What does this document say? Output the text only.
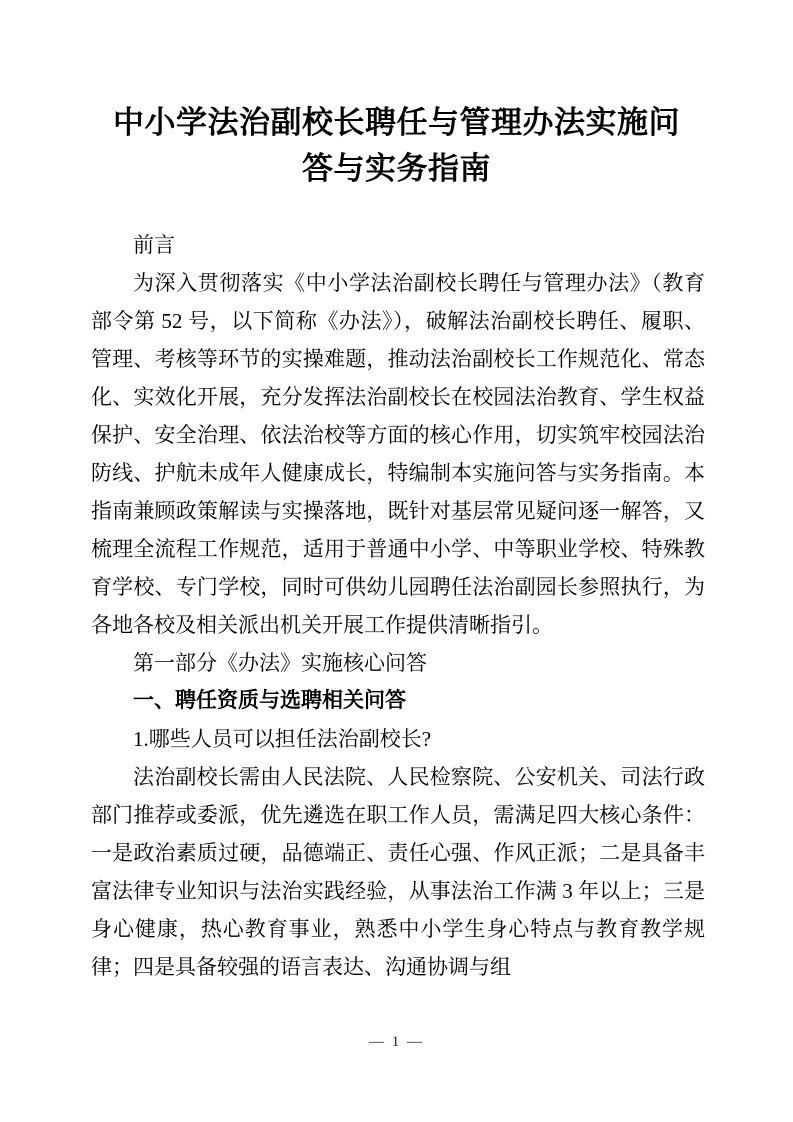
中小学法治副校长聘任与管理办法实施问答与实务指南

前言

为深入贯彻落实《中小学法治副校长聘任与管理办法》（教育部令第 52 号，以下简称《办法》），破解法治副校长聘任、履职、管理、考核等环节的实操难题，推动法治副校长工作规范化、常态化、实效化开展，充分发挥法治副校长在校园法治教育、学生权益保护、安全治理、依法治校等方面的核心作用，切实筑牢校园法治防线、护航未成年人健康成长，特编制本实施问答与实务指南。本指南兼顾政策解读与实操落地，既针对基层常见疑问逐一解答，又梳理全流程工作规范，适用于普通中小学、中等职业学校、特殊教育学校、专门学校，同时可供幼儿园聘任法治副园长参照执行，为各地各校及相关派出机关开展工作提供清晰指引。

第一部分《办法》实施核心问答

一、聘任资质与选聘相关问答

1.哪些人员可以担任法治副校长?

法治副校长需由人民法院、人民检察院、公安机关、司法行政部门推荐或委派，优先遴选在职工作人员，需满足四大核心条件：一是政治素质过硬，品德端正、责任心强、作风正派；二是具备丰富法律专业知识与法治实践经验，从事法治工作满 3 年以上；三是身心健康，热心教育事业，熟悉中小学生身心特点与教育教学规律；四是具备较强的语言表达、沟通协调与组

— 1 —
